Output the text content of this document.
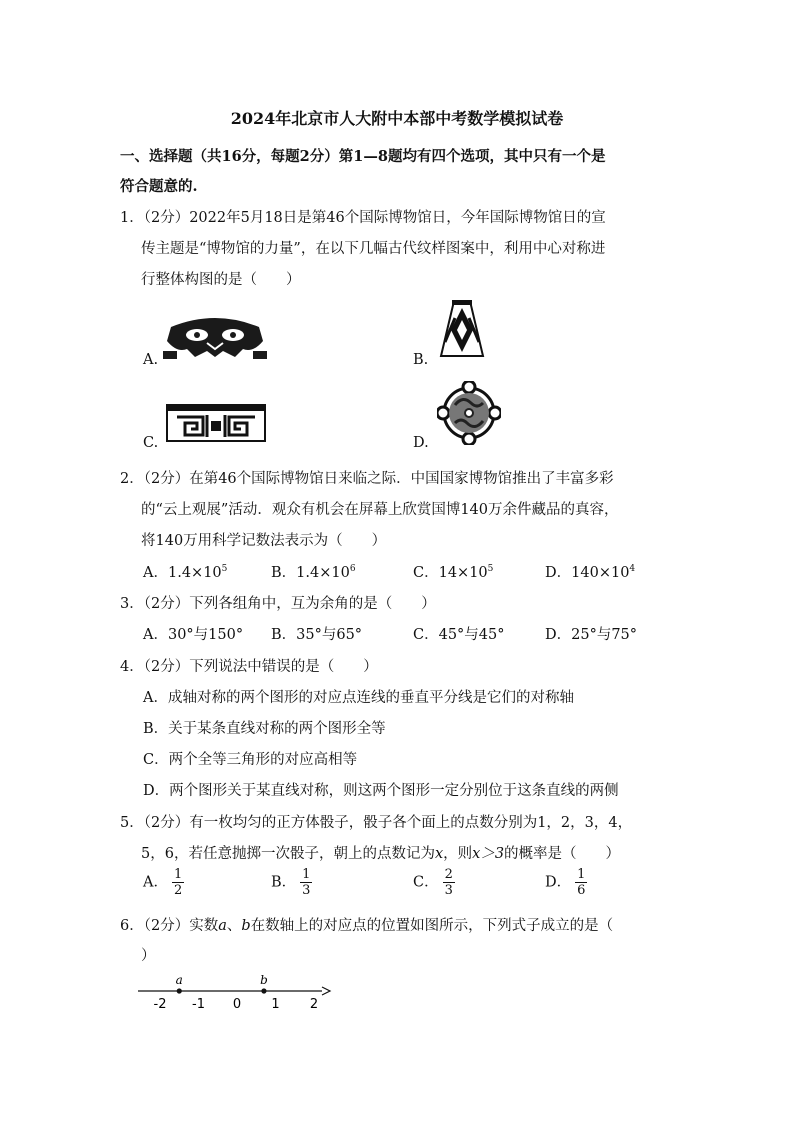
2024年北京市人大附中本部中考数学模拟试卷
一、选择题（共16分，每题2分）第1—8题均有四个选项，其中只有一个是
符合题意的.
1．（2分）2022年5月18日是第46个国际博物馆日，今年国际博物馆日的宣
传主题是“博物馆的力量”，在以下几幅古代纹样图案中，利用中心对称进
行整体构图的是（　　）
A.	B.
C.	D.
2．（2分）在第46个国际博物馆日来临之际．中国国家博物馆推出了丰富多彩
的“云上观展”活动．观众有机会在屏幕上欣赏国博140万余件藏品的真容，
将140万用科学记数法表示为（　　）
A．$1.4\times 10^5$	B．$1.4\times 10^6$	C．$14\times 10^5$	D．$140\times 10^4$
3．（2分）下列各组角中，互为余角的是（　　）
A．30°与150° B．35°与65°	C．45°与45°	D．25°与75°
4．（2分）下列说法中错误的是（　　）
A．成轴对称的两个图形的对应点连线的垂直平分线是它们的对称轴
B．关于某条直线对称的两个图形全等
C．两个全等三角形的对应高相等
D．两个图形关于某直线对称，则这两个图形一定分别位于这条直线的两侧
5．（2分）有一枚均匀的正方体骰子，骰子各个面上的点数分别为1，2，3，4，
5，6，若任意抛掷一次骰子，朝上的点数记为x，则x＞3的概率是（　　）
A． $\frac{1}{2}$	B． $\frac{1}{3}$	C． $\frac{2}{3}$	D． $\frac{1}{6}$
6．（2分）实数a、b在数轴上的对应点的位置如图所示，下列式子成立的是（
）
-2 -1 0 1 2
a	b
